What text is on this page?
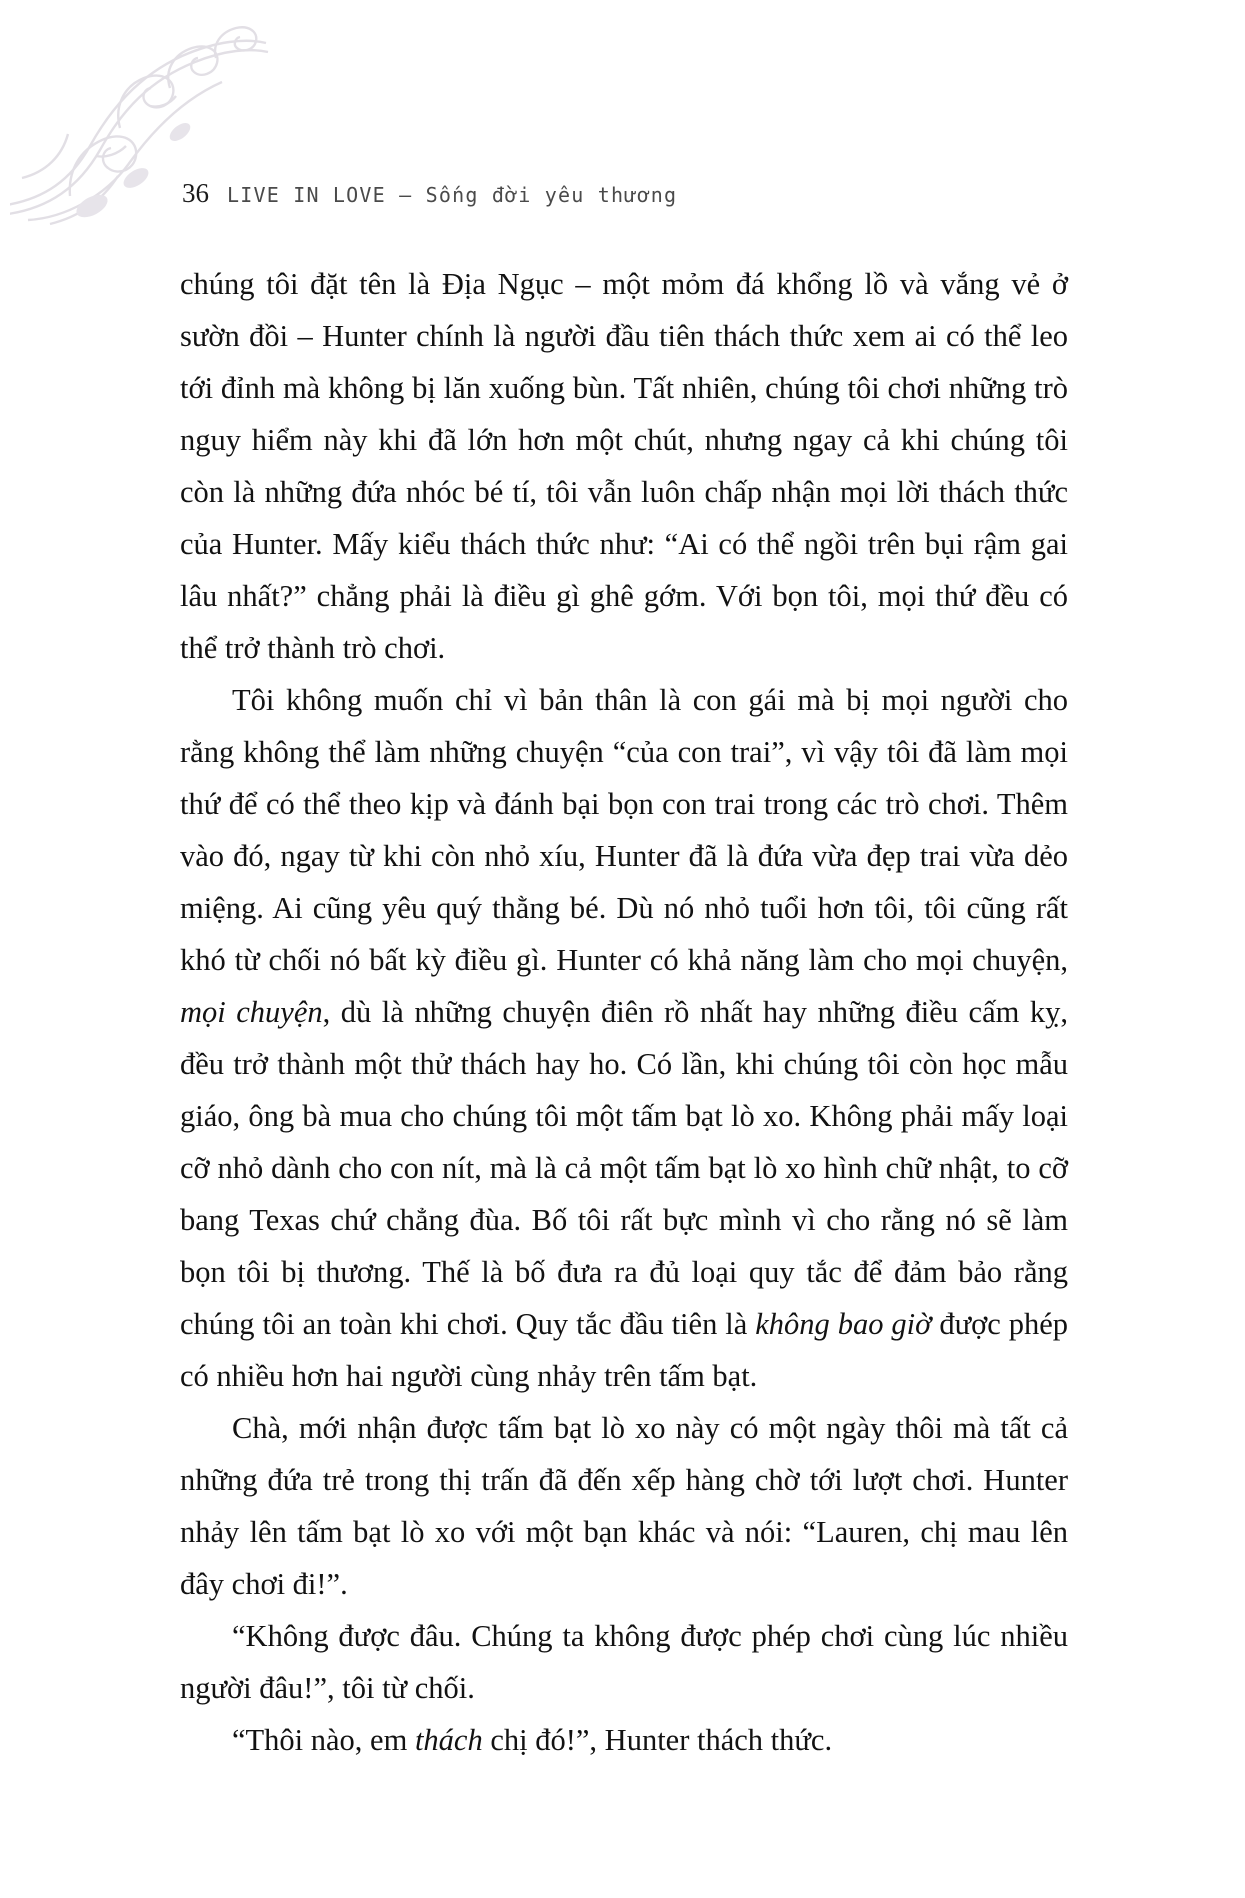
36 LIVE IN LOVE – Sống đời yêu thương

chúng tôi đặt tên là Địa Ngục – một mỏm đá khổng lồ và vắng vẻ ở sườn đồi – Hunter chính là người đầu tiên thách thức xem ai có thể leo tới đỉnh mà không bị lăn xuống bùn. Tất nhiên, chúng tôi chơi những trò nguy hiểm này khi đã lớn hơn một chút, nhưng ngay cả khi chúng tôi còn là những đứa nhóc bé tí, tôi vẫn luôn chấp nhận mọi lời thách thức của Hunter. Mấy kiểu thách thức như: “Ai có thể ngồi trên bụi rậm gai lâu nhất?” chẳng phải là điều gì ghê gớm. Với bọn tôi, mọi thứ đều có thể trở thành trò chơi.

Tôi không muốn chỉ vì bản thân là con gái mà bị mọi người cho rằng không thể làm những chuyện “của con trai”, vì vậy tôi đã làm mọi thứ để có thể theo kịp và đánh bại bọn con trai trong các trò chơi. Thêm vào đó, ngay từ khi còn nhỏ xíu, Hunter đã là đứa vừa đẹp trai vừa dẻo miệng. Ai cũng yêu quý thằng bé. Dù nó nhỏ tuổi hơn tôi, tôi cũng rất khó từ chối nó bất kỳ điều gì. Hunter có khả năng làm cho mọi chuyện, mọi chuyện, dù là những chuyện điên rồ nhất hay những điều cấm kỵ, đều trở thành một thử thách hay ho. Có lần, khi chúng tôi còn học mẫu giáo, ông bà mua cho chúng tôi một tấm bạt lò xo. Không phải mấy loại cỡ nhỏ dành cho con nít, mà là cả một tấm bạt lò xo hình chữ nhật, to cỡ bang Texas chứ chẳng đùa. Bố tôi rất bực mình vì cho rằng nó sẽ làm bọn tôi bị thương. Thế là bố đưa ra đủ loại quy tắc để đảm bảo rằng chúng tôi an toàn khi chơi. Quy tắc đầu tiên là không bao giờ được phép có nhiều hơn hai người cùng nhảy trên tấm bạt.

Chà, mới nhận được tấm bạt lò xo này có một ngày thôi mà tất cả những đứa trẻ trong thị trấn đã đến xếp hàng chờ tới lượt chơi. Hunter nhảy lên tấm bạt lò xo với một bạn khác và nói: “Lauren, chị mau lên đây chơi đi!”.

“Không được đâu. Chúng ta không được phép chơi cùng lúc nhiều người đâu!”, tôi từ chối.

“Thôi nào, em thách chị đó!”, Hunter thách thức.
